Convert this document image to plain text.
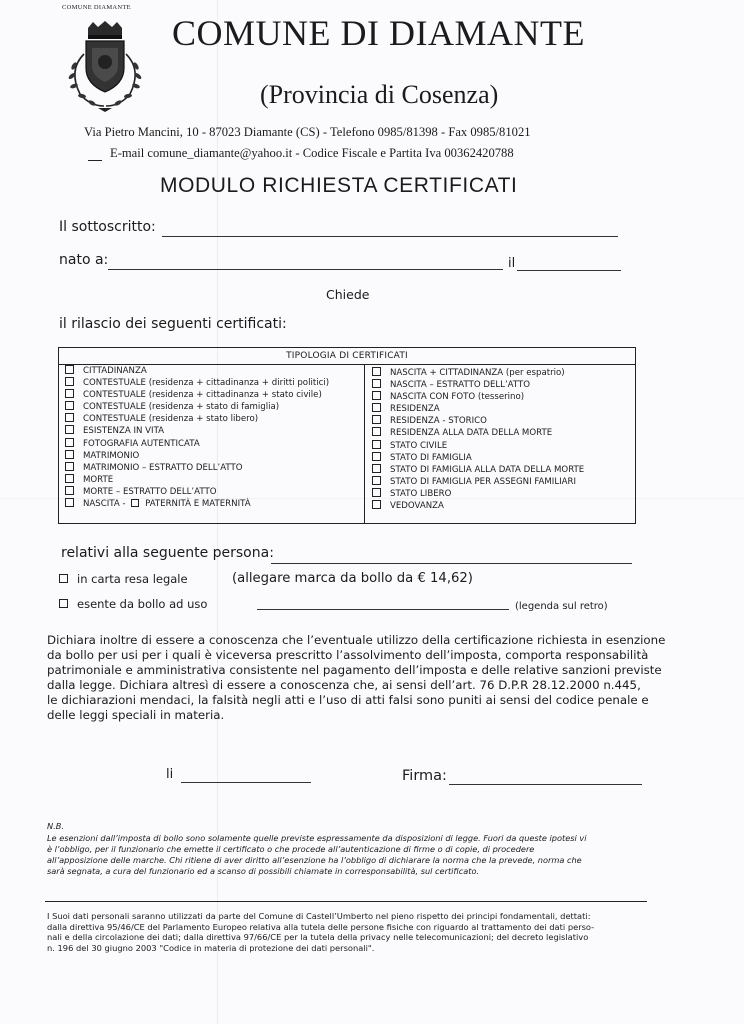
COMUNE DIAMANTE
COMUNE DI DIAMANTE
(Provincia di Cosenza)
Via Pietro Mancini, 10 - 87023 Diamante (CS) - Telefono 0985/81398 - Fax 0985/81021
E-mail comune_diamante@yahoo.it - Codice Fiscale e Partita Iva 00362420788
MODULO RICHIESTA CERTIFICATI
Il sottoscritto:
nato a:	il
Chiede
il rilascio dei seguenti certificati:
TIPOLOGIA DI CERTIFICATI
CITTADINANZA
CONTESTUALE (residenza + cittadinanza + diritti politici)
CONTESTUALE (residenza + cittadinanza + stato civile)
CONTESTUALE (residenza + stato di famiglia)
CONTESTUALE (residenza + stato libero)
ESISTENZA IN VITA
FOTOGRAFIA AUTENTICATA
MATRIMONIO
MATRIMONIO – ESTRATTO DELL’ATTO
MORTE
MORTE – ESTRATTO DELL’ATTO
NASCITA - PATERNITÀ E MATERNITÀ
NASCITA + CITTADINANZA (per espatrio)
NASCITA – ESTRATTO DELL’ATTO
NASCITA CON FOTO (tesserino)
RESIDENZA
RESIDENZA - STORICO
RESIDENZA ALLA DATA DELLA MORTE
STATO CIVILE
STATO DI FAMIGLIA
STATO DI FAMIGLIA ALLA DATA DELLA MORTE
STATO DI FAMIGLIA PER ASSEGNI FAMILIARI
STATO LIBERO
VEDOVANZA
relativi alla seguente persona:
in carta resa legale	(allegare marca da bollo da € 14,62)
esente da bollo ad uso	(legenda sul retro)
Dichiara inoltre di essere a conoscenza che l’eventuale utilizzo della certificazione richiesta in esenzione
da bollo per usi per i quali è viceversa prescritto l’assolvimento dell’imposta, comporta responsabilità
patrimoniale e amministrativa consistente nel pagamento dell’imposta e delle relative sanzioni previste
dalla legge. Dichiara altresì di essere a conoscenza che, ai sensi dell’art. 76 D.P.R 28.12.2000 n.445,
le dichiarazioni mendaci, la falsità negli atti e l’uso di atti falsi sono puniti ai sensi del codice penale e
delle leggi speciali in materia.
li	Firma:
N.B.
Le esenzioni dall’imposta di bollo sono solamente quelle previste espressamente da disposizioni di legge. Fuori da queste ipotesi vi
è l’obbligo, per il funzionario che emette il certificato o che procede all’autenticazione di firme o di copie, di procedere
all’apposizione delle marche. Chi ritiene di aver diritto all’esenzione ha l’obbligo di dichiarare la norma che la prevede, norma che
sarà segnata, a cura del funzionario ed a scanso di possibili chiamate in corresponsabilità, sul certificato.
I Suoi dati personali saranno utilizzati da parte del Comune di Castell’Umberto nel pieno rispetto dei principi fondamentali, dettati:
dalla direttiva 95/46/CE del Parlamento Europeo relativa alla tutela delle persone fisiche con riguardo al trattamento dei dati perso-
nali e della circolazione dei dati; dalla direttiva 97/66/CE per la tutela della privacy nelle telecomunicazioni; del decreto legislativo
n. 196 del 30 giugno 2003 "Codice in materia di protezione dei dati personali".
